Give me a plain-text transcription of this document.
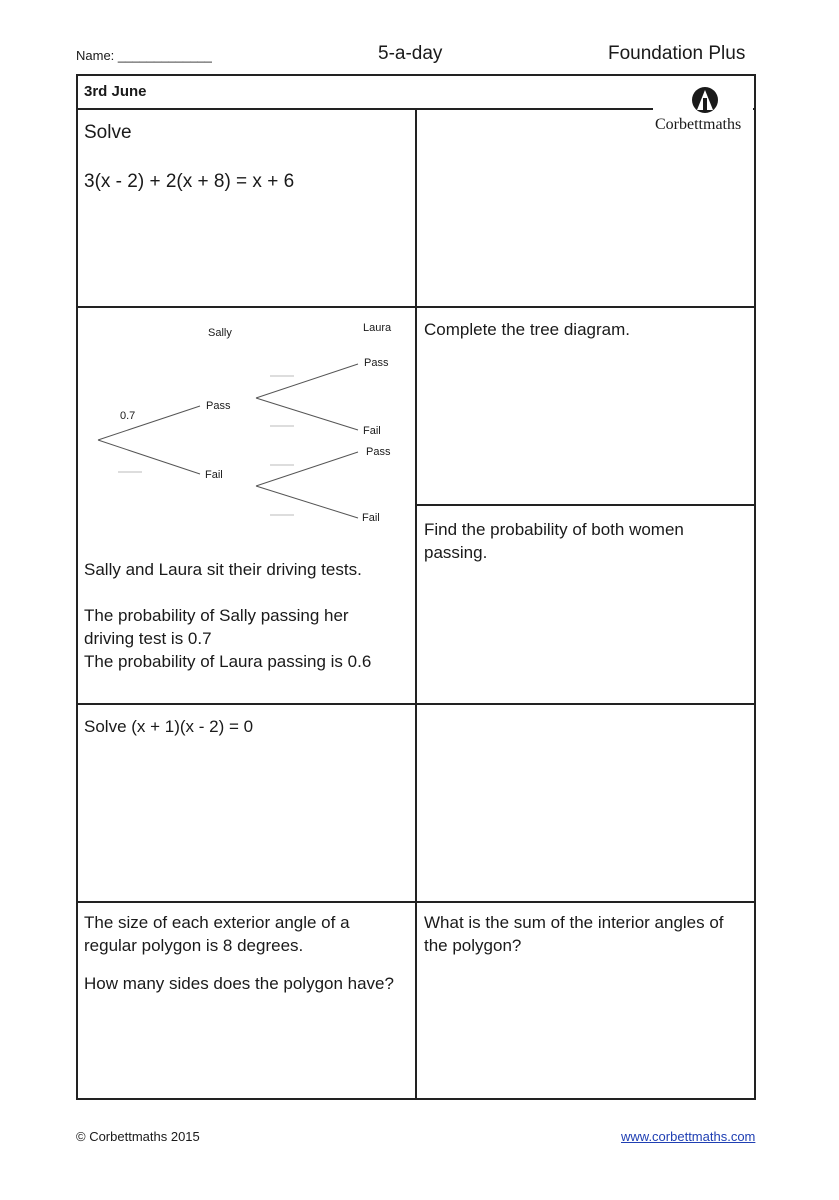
Name: _____________	5-a-day	Foundation Plus
3rd June
Corbettmaths
Solve
3(x - 2) + 2(x + 8) = x + 6
Sally	Laura
0.7
Pass
Fail
Pass
Fail
Pass
Fail
Sally and Laura sit their driving tests.
The probability of Sally passing her
driving test is 0.7
The probability of Laura passing is 0.6
Complete the tree diagram.
Find the probability of both women
passing.
Solve (x + 1)(x - 2) = 0
The size of each exterior angle of a
regular polygon is 8 degrees.
How many sides does the polygon have?
What is the sum of the interior angles of
the polygon?
© Corbettmaths 2015	www.corbettmaths.com
